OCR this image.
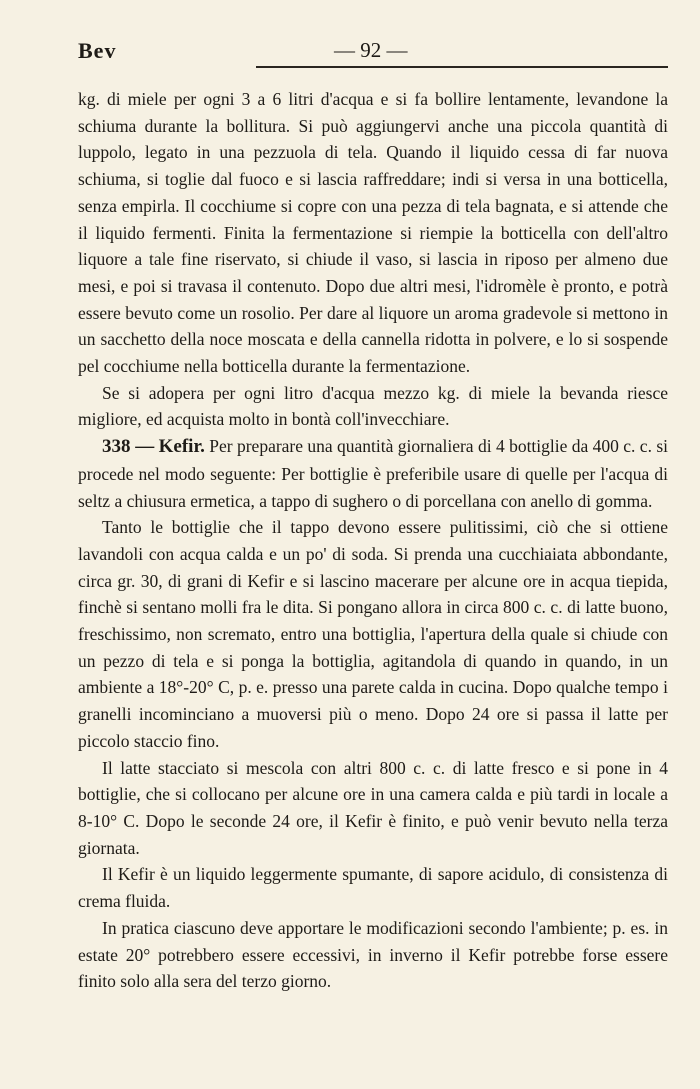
Bev	— 92 —

kg. di miele per ogni 3 a 6 litri d'acqua e si fa bollire lentamente, levandone la schiuma durante la bollitura. Si può aggiungervi anche una piccola quantità di luppolo, legato in una pezzuola di tela. Quando il liquido cessa di far nuova schiuma, si toglie dal fuoco e si lascia raffreddare; indi si versa in una botticella, senza empirla. Il cocchiume si copre con una pezza di tela bagnata, e si attende che il liquido fermenti. Finita la fermentazione si riempie la botticella con dell'altro liquore a tale fine riservato, si chiude il vaso, si lascia in riposo per almeno due mesi, e poi si travasa il contenuto. Dopo due altri mesi, l'idromèle è pronto, e potrà essere bevuto come un rosolio. Per dare al liquore un aroma gradevole si mettono in un sacchetto della noce moscata e della cannella ridotta in polvere, e lo si sospende pel cocchiume nella botticella durante la fermentazione.

Se si adopera per ogni litro d'acqua mezzo kg. di miele la bevanda riesce migliore, ed acquista molto in bontà coll'invecchiare.

338 — Kefir. Per preparare una quantità giornaliera di 4 bottiglie da 400 c. c. si procede nel modo seguente: Per bottiglie è preferibile usare di quelle per l'acqua di seltz a chiusura ermetica, a tappo di sughero o di porcellana con anello di gomma.

Tanto le bottiglie che il tappo devono essere pulitissimi, ciò che si ottiene lavandoli con acqua calda e un po' di soda. Si prenda una cucchiaiata abbondante, circa gr. 30, di grani di Kefir e si lascino macerare per alcune ore in acqua tiepida, finchè si sentano molli fra le dita. Si pongano allora in circa 800 c. c. di latte buono, freschissimo, non scremato, entro una bottiglia, l'apertura della quale si chiude con un pezzo di tela e si ponga la bottiglia, agitandola di quando in quando, in un ambiente a 18°-20° C, p. e. presso una parete calda in cucina. Dopo qualche tempo i granelli incominciano a muoversi più o meno. Dopo 24 ore si passa il latte per piccolo staccio fino.

Il latte stacciato si mescola con altri 800 c. c. di latte fresco e si pone in 4 bottiglie, che si collocano per alcune ore in una camera calda e più tardi in locale a 8-10° C. Dopo le seconde 24 ore, il Kefir è finito, e può venir bevuto nella terza giornata.

Il Kefir è un liquido leggermente spumante, di sapore acidulo, di consistenza di crema fluida.

In pratica ciascuno deve apportare le modificazioni secondo l'ambiente; p. es. in estate 20° potrebbero essere eccessivi, in inverno il Kefir potrebbe forse essere finito solo alla sera del terzo giorno.
